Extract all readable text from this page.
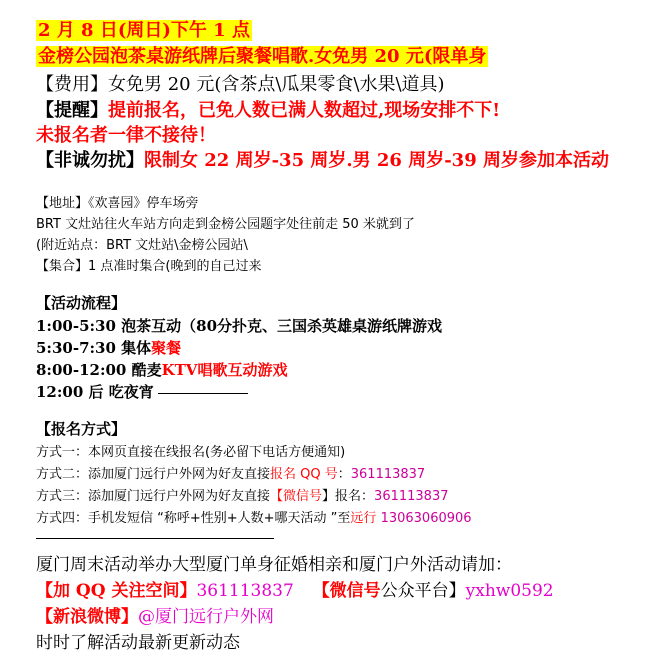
2 月 8 日(周日)下午 1 点
金榜公园泡茶桌游纸牌后聚餐唱歌.女免男 20 元(限单身
【费用】女免男 20 元(含茶点\瓜果零食\水果\道具)
【提醒】提前报名，已免人数已满人数超过,现场安排不下!
未报名者一律不接待！
【非诚勿扰】限制女 22 周岁-35 周岁.男 26 周岁-39 周岁参加本活动
【地址】《欢喜园》停车场旁
BRT 文灶站往火车站方向走到金榜公园题字处往前走 50 米就到了
(附近站点：BRT 文灶站\金榜公园站\
【集合】1 点准时集合(晚到的自己过来
【活动流程】
1:00-5:30 泡茶互动（80分扑克、三国杀英雄桌游纸牌游戏
5:30-7:30 集体聚餐
8:00-12:00 酷麦KTV唱歌互动游戏
12:00 后 吃夜宵
【报名方式】
方式一：本网页直接在线报名(务必留下电话方便通知)
方式二：添加厦门远行户外网为好友直接报名 QQ 号：361113837
方式三：添加厦门远行户外网为好友直接【微信号】报名：361113837
方式四：手机发短信 “称呼+性别+人数+哪天活动 ”至远行 13063060906
厦门周末活动举办大型厦门单身征婚相亲和厦门户外活动请加：
【加 QQ 关注空间】361113837 【微信号公众平台】yxhw0592
【新浪微博】@厦门远行户外网
时时了解活动最新更新动态
